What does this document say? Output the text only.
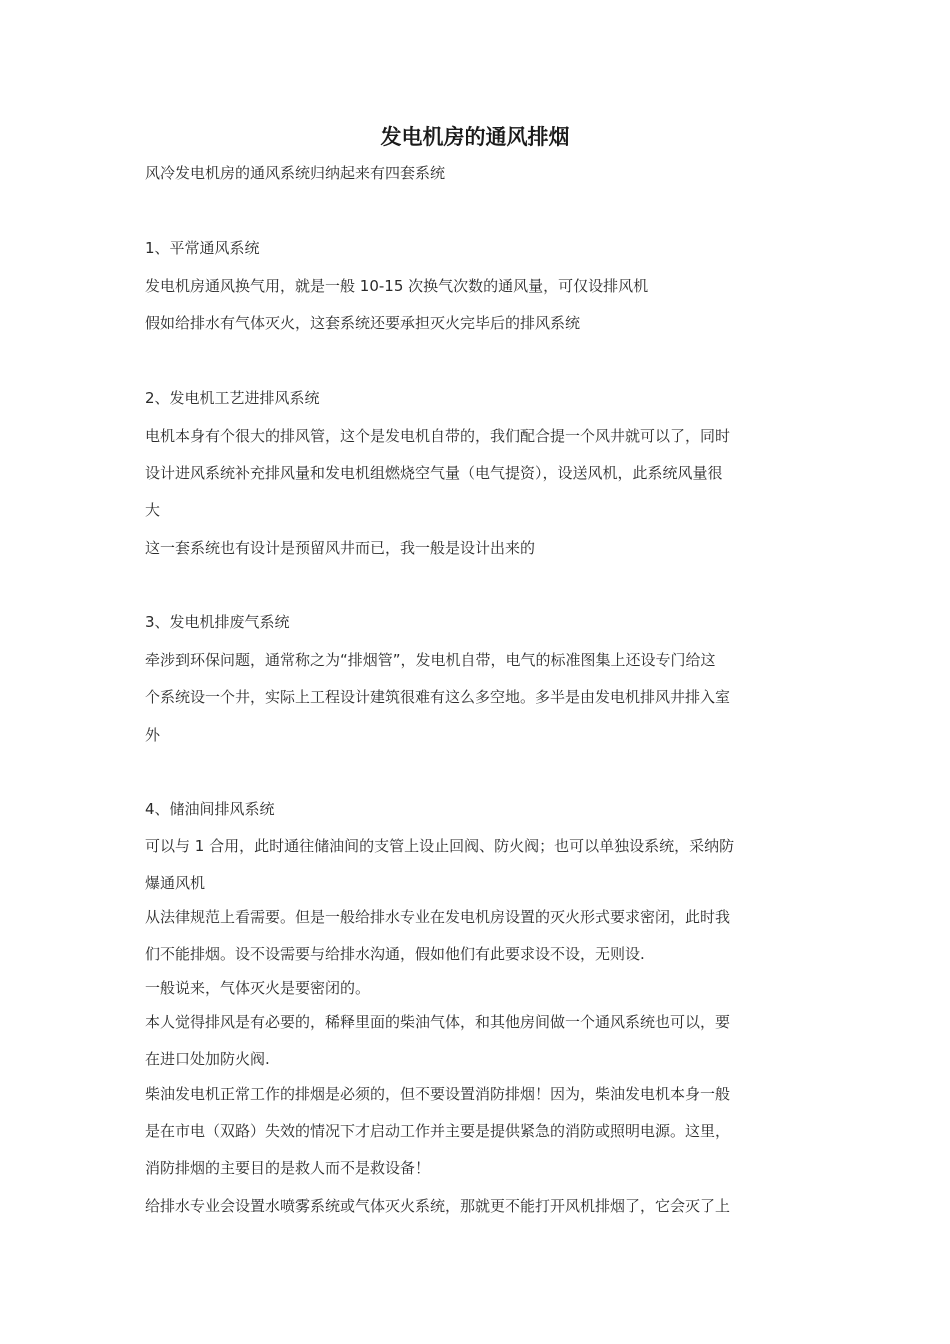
发电机房的通风排烟
风冷发电机房的通风系统归纳起来有四套系统
1、平常通风系统
发电机房通风换气用，就是一般 10-15 次换气次数的通风量，可仅设排风机
假如给排水有气体灭火，这套系统还要承担灭火完毕后的排风系统
2、发电机工艺进排风系统
电机本身有个很大的排风管，这个是发电机自带的，我们配合提一个风井就可以了，同时
设计进风系统补充排风量和发电机组燃烧空气量（电气提资），设送风机，此系统风量很
大
这一套系统也有设计是预留风井而已，我一般是设计出来的
3、发电机排废气系统
牵涉到环保问题，通常称之为“排烟管”，发电机自带，电气的标准图集上还设专门给这
个系统设一个井，实际上工程设计建筑很难有这么多空地。多半是由发电机排风井排入室
外
4、储油间排风系统
可以与 1 合用，此时通往储油间的支管上设止回阀、防火阀；也可以单独设系统，采纳防
爆通风机
从法律规范上看需要。但是一般给排水专业在发电机房设置的灭火形式要求密闭，此时我
们不能排烟。设不设需要与给排水沟通，假如他们有此要求设不设，无则设.
一般说来，气体灭火是要密闭的。
本人觉得排风是有必要的，稀释里面的柴油气体，和其他房间做一个通风系统也可以，要
在进口处加防火阀.
柴油发电机正常工作的排烟是必须的，但不要设置消防排烟！因为，柴油发电机本身一般
是在市电（双路）失效的情况下才启动工作并主要是提供紧急的消防或照明电源。这里，
消防排烟的主要目的是救人而不是救设备！
给排水专业会设置水喷雾系统或气体灭火系统，那就更不能打开风机排烟了，它会灭了上
